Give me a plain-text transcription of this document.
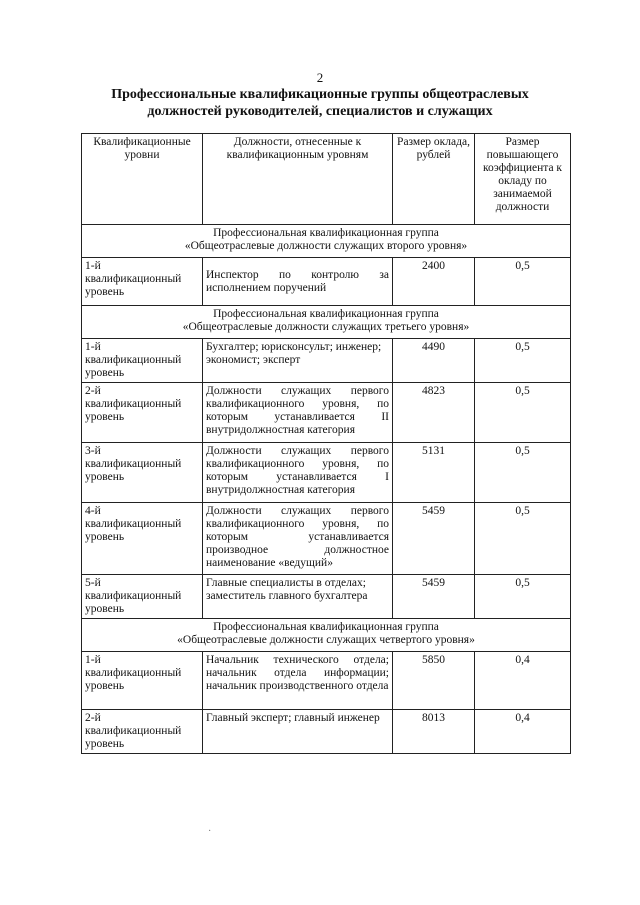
2
Профессиональные квалификационные группы общеотраслевых
должностей руководителей, специалистов и служащих
Квалификационные уровни	Должности, отнесенные к квалификационным уровням	Размер оклада, рублей	Размер повышающего коэффициента к окладу по занимаемой должности

Профессиональная квалификационная группа
«Общеотраслевые должности служащих второго уровня»			

1-й квалификационный уровень	Инспектор по контролю за исполнением поручений	2400	0,5

Профессиональная квалификационная группа
«Общеотраслевые должности служащих третьего уровня»			

1-й квалификационный уровень	Бухгалтер; юрисконсульт; инженер; экономист; эксперт	4490	0,5
2-й квалификационный уровень	Должности служащих первого квалификационного уровня, по которым устанавливается II внутридолжностная категория	4823	0,5
3-й квалификационный уровень	Должности служащих первого квалификационного уровня, по которым устанавливается I внутридолжностная категория	5131	0,5
4-й квалификационный уровень	Должности служащих первого квалификационного уровня, по которым устанавливается производное должностное наименование «ведущий»	5459	0,5
5-й квалификационный уровень	Главные специалисты в отделах; заместитель главного бухгалтера	5459	0,5

Профессиональная квалификационная группа
«Общеотраслевые должности служащих четвертого уровня»			

1-й квалификационный уровень	Начальник технического отдела; начальник отдела информации; начальник производственного отдела	5850	0,4
2-й квалификационный уровень	Главный эксперт; главный инженер	8013	0,4
·
